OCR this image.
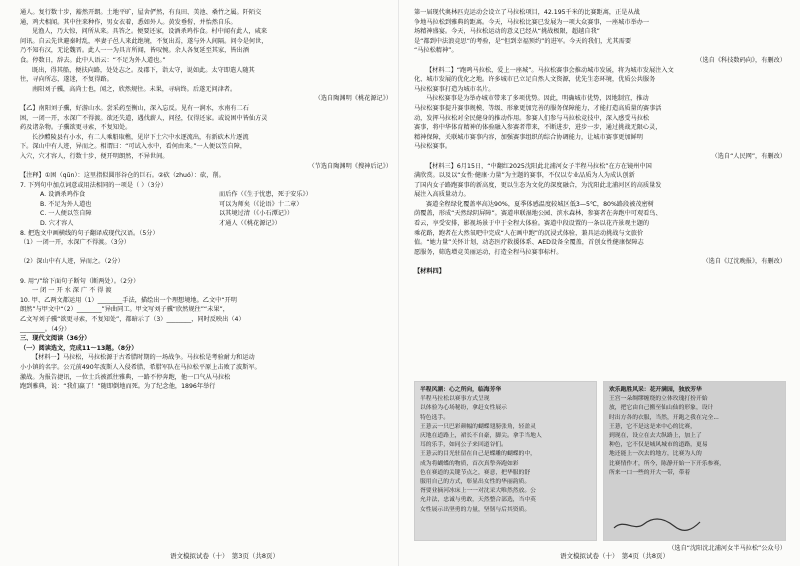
通人。复行数十步，豁然开朗。土地平旷，屋舍俨然，有良田、美池、桑竹之属。阡陌交

通，鸡犬相闻。其中往来种作，男女衣着，悉如外人。黄发垂髫，并怡然自乐。

见渔人，乃大惊，问所从来。具答之。便要还家，设酒杀鸡作食。村中闻有此人，咸来

问讯。自云先世避秦时乱，率妻子邑人来此绝境，不复出焉，遂与外人间隔。问今是何世，

乃不知有汉，无论魏晋。此人一一为具言所闻，皆叹惋。余人各复延至其家，皆出酒

食。停数日，辞去。此中人语云：“不足为外人道也。”

既出，得其船，便扶向路，处处志之。及郡下，诣太守，说如此。太守即遣人随其

往，寻向所志，遂迷，不复得路。

南阳刘子骥，高尚士也，闻之，欣然规往。未果，寻病终。后遂无问津者。

（选自陶渊明《桃花源记》）

【乙】南阳刘子骥，好游山水。尝采药至衡山，深入忘反。见有一涧水，水南有二石

困，一闭一开，水深广不得渡。欲还失道，遇伐薪人，问径，仅得还家。或说困中皆仙方灵

药及诸杂物。子骥欲更寻索，不复知处。

长沙醴陵县有小水，有二人乘船取樵，见岸下土穴中水逐流出，有新砍木片逐流

下。深山中有人迹，异而之。相谓曰：“可试入水中，看何由来。”一人便以笠自障，

入穴，穴才容人，行数十步，便开明朗然，不异世间。

（节选自陶渊明《搜神后记》）

【注释】①困（qūn）：这里指似圆形谷仓的巨石。②砍（zhuó）：砍，削。

7. 下列句中加点词意或用法相同的一项是（ ）（3分）

A. 设酒杀鸡作食	而后作（《生于忧患，死于安乐》）
B. 不足为外人道也	可以为师矣（《论语》十二章）
C. 一人便以笠自障	以其境过清（《小石潭记》）
D. 穴才容人	才通人（《桃花源记》）

8. 把选文中画横线的句子翻译成现代汉语。（5分）

（1）一闭一开，水深广不得渡。（3分）

（2）深山中有人迹，异而之。（2分）

9. 用“/”给下面句子断句（断两处）。（2分）

一 闭 一 开 水 深 广 不 得 渡

10. 甲、乙两文都运用（1）________手法，描绘出一个理想境地。乙文中“开明

朗然”与甲文中“（2）________”异曲同工。甲文写刘子骥“欣然规往”“未果”，

乙文写刘子骥“欲更寻索，不复知处”，都暗示了（3）________，同时反映出（4）

________。（4分）

三、现代文阅读（36分）

（一）阅读选文，完成11～13题。（8分）

【材料一】马拉松，马拉松源于古希腊时期的一场战争。马拉松是考验耐力和运动

小小镇的名字。公元前490年波斯人入侵希腊，希腊军队在马拉松平原上击败了波斯军。

激战。为报告捷讯，一位士兵被派往雅典，一路不停奔跑，他一口气从马拉松

跑到雅典，说：“我们赢了！”随即倒地而死。为了纪念他，1896年举行

第一届现代奥林匹克运动会设立了马拉松项目，42.195千米的比赛距离，正是从战

争地马拉松到雅典的距离。今天，马拉松比赛已发展为一项大众赛事，一座城市举办一

场精神盛宴。今天，马拉松运动的意义已经从“挑战极限，超越自我”

是“都到中法浪竞思”的考验，是“但到幸福预约”的进军。今天的我们，尤其需要

“马拉松精神”。

（选自《科技数码向》，有删改）

【材料二】“跑鸣马拉松，爱上一座城”。马拉松赛事会推动城市发展，将为城市发展注入文

化、城市发展的优化之地。许多城市已立足自然人文资源，优先生态环境，优质公共服务

马拉松赛事打造为城市名片。

马拉松赛事是为举办城市带来了多项优势。因此，明确城市优势，因地制宜，推动

马拉松赛事提升赛事规模、等级、形象更加完善的服务保障能力，才能打造高质量的赛事活

动，发挥马拉松对全民健身的推动作用。参赛人们参与马拉松竞技中，深入感受马拉松

赛事，将中华体育精神的体验融入参赛者带来，不断进步，进步一步，通过挑战无限心灵，

精神保障，关联城市赛事内容，加强赛事组织的综合协调能力，让城市赛事更加鲜明

马拉松赛事。

（选自“人民网”，有删改）

【材料三】6月15日，“中翻红2025沈阳此北浦河女子半程马拉松”在方在镜州中国

满欣赏。以及以“女性·健康·力量”为主题的赛事，不仅以专业品质为人为成认创新

了国内女子路跑赛事的新高度，更以生态为文化的深度融合，为沈阳此北浦河区的高质量发

展注入高质量动力。

赛道全程绿化覆盖率高达90%，夏季体感温度较城区低3—5℃，80%路段被茂密树

荫覆盖，形成“天然绿阴屏障”。赛道串联湿地公园、滨水森林，参赛者在奔跑中可观看鸟、

看云，享受安排，影视场景于中于全程大体验。赛道中段设置的一条以花卉景观主题的

乘花路，跑者在大然氧吧中完成“人在画中跑”的沉浸式体验，兼具运动挑战与文旅价

值。“她力量”关怀计划，动态医疗救援体系、AED设备全覆盖，首创女性健康保障志

愿服务，筛选增竞美丽运动，打造全程马拉赛事标杆。

（选自《辽沈晚报》，有删改）

【材料四】

半程风潮：心之所向，临海芳华
半程马拉松以赛事方式呈现
以体验为心场秘纷，拿赶女性展示
特色选手。
王薏云一只巴彩颜幅的蝴蝶翅膀张角，轻盈灵
庆地在道路上，裙长不自豪，脚尖。拿手当地人
耳的乐手，如同公子来回道谷们。
王薏云的目光驻留在自己是蝶雕的蝴蝶的中，
成为将蝴蝶的物质，首次真挚奔跑如彩
色在赛道的关键节点之，赛意，把华服的舒
服用自己的方式，彰显出女性的华丽韵质。
胥要业摘河冰床上一一对沈采大唯然然放。公
允并法，忠诚与勇敢，天然整合部选，当中英
女性展示出坚勇的力量，坚韧与后其资质。
欢乐跑胜风采：花开满园，独放芳华
王宫一朵绸缪缠绕的立体玫瑰打扮开始
放，把它由自己搬至仙山仙的形象，设计
时出方各的衣服，当然，开跑之我在完全...
王薏，它不是这是来中心的比赛，
到现在，设立在去大纵路上，加上了
种色，它不仅是城风城市的道路，更易
地还能上一次去的地方，比赛为人的
比赛情作才，所今，陈静开始一下开乐参赛，
所来一口一些的开大一带，带着
（选自“沈阳沈北浦河女半马拉松”公众号）
语文模拟试卷（十）　第3页（共8页）	语文模拟试卷（十）　第4页（共8页）
